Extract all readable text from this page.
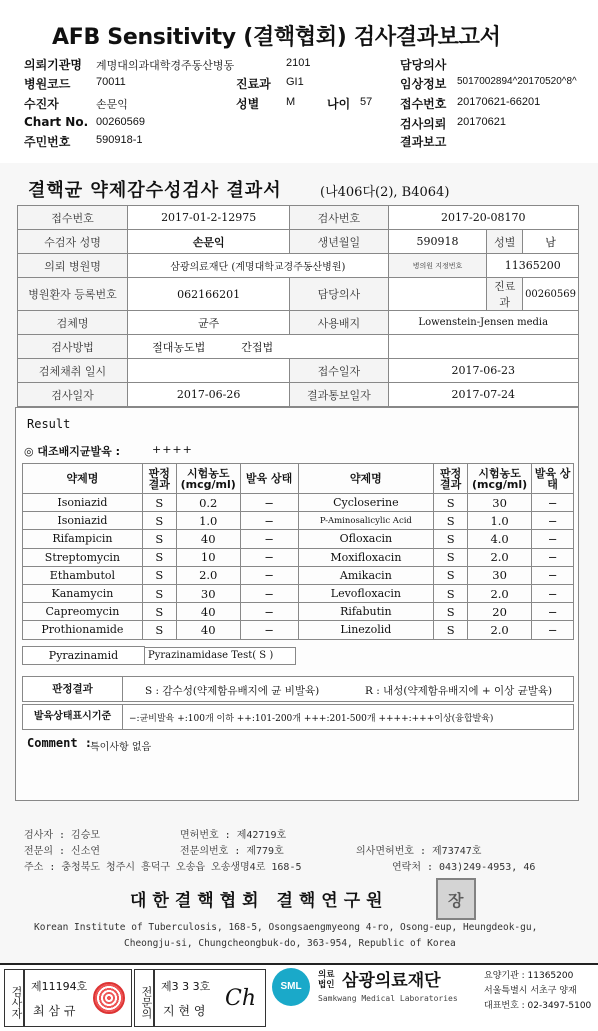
AFB Sensitivity (결핵협회) 검사결과보고서
의뢰기관명 계명대의과대학경주동산병동	2101	담당의사
병원코드 70011	진료과 GI1	임상정보 5017002894^20170520^8^
수진자	손문익	성별 M	나이 57 접수번호 20170621-66201
Chart No. 00260569	검사의뢰 20170621
주민번호 590918-1	결과보고
결핵균 약제감수성검사 결과서	(나406다(2), B4064)
접수번호	2017-01-2-12975	검사번호	2017-20-08170		
수검자 성명	손문익	생년월일	590918	성별	남
의뢰 병원명	삼광의료재단 (계명대학교경주동산병원)		병의원 지정번호	11365200	
병원환자 등록번호	062166201	담당의사		진료과	00260569
검체명	균주	사용배지	Lowenstein-Jensen media		
검사방법	절대농도법 간접법				
검체채취 일시		접수일자	2017-06-23		
검사일자	2017-06-26	결과통보일자	2017-07-24		
Result
◎ 대조배지균발육 :	++++
약제명	판정 결과	시험농도 (mcg/ml)	발육 상태	약제명	판정 결과	시험농도 (mcg/ml)	발육 상태
Isoniazid	S	0.2	−	Cycloserine	S	30	−
Isoniazid	S	1.0	−	P-Aminosalicylic Acid	S	1.0	−
Rifampicin	S	40	−	Ofloxacin	S	4.0	−
Streptomycin	S	10	−	Moxifloxacin	S	2.0	−
Ethambutol	S	2.0	−	Amikacin	S	30	−
Kanamycin	S	30	−	Levofloxacin	S	2.0	−
Capreomycin	S	40	−	Rifabutin	S	20	−
Prothionamide	S	40	−	Linezolid	S	2.0	−
Pyrazinamid	Pyrazinamidase Test( S )
판정결과	S : 감수성(약제함유배지에 균 비발육)	R : 내성(약제함유배지에 + 이상 균발육)
발육상태표시기준	−:균비발육 +:100개 이하 ++:101-200개 +++:201-500개 ++++:+++이상(융합발육)
Comment :
특이사항 없음
검사자 : 김승모	면허번호 : 제42719호
전문의 : 신소연	전문의번호 : 제779호	의사면허번호 : 제73747호
주소 : 충청북도 청주시 흥덕구 오송읍 오송생명4로 168-5	연락처 : 043)249-4953, 46
대한결핵협회 결핵연구원	장
Korean Institute of Tuberculosis, 168-5, Osongsaengmyeong 4-ro, Osong-eup, Heungdeok-gu,
Cheongju-si, Chungcheongbuk-do, 363-954, Republic of Korea
검사자 제11194호
최 삼 규	전문의 제3 3 3호
지 현 영 Ch	SML
의료
법인 삼광의료재단
Samkwang Medical Laboratories
요양기관 : 11365200
서울특별시 서초구 양재
대표번호 : 02-3497-5100
